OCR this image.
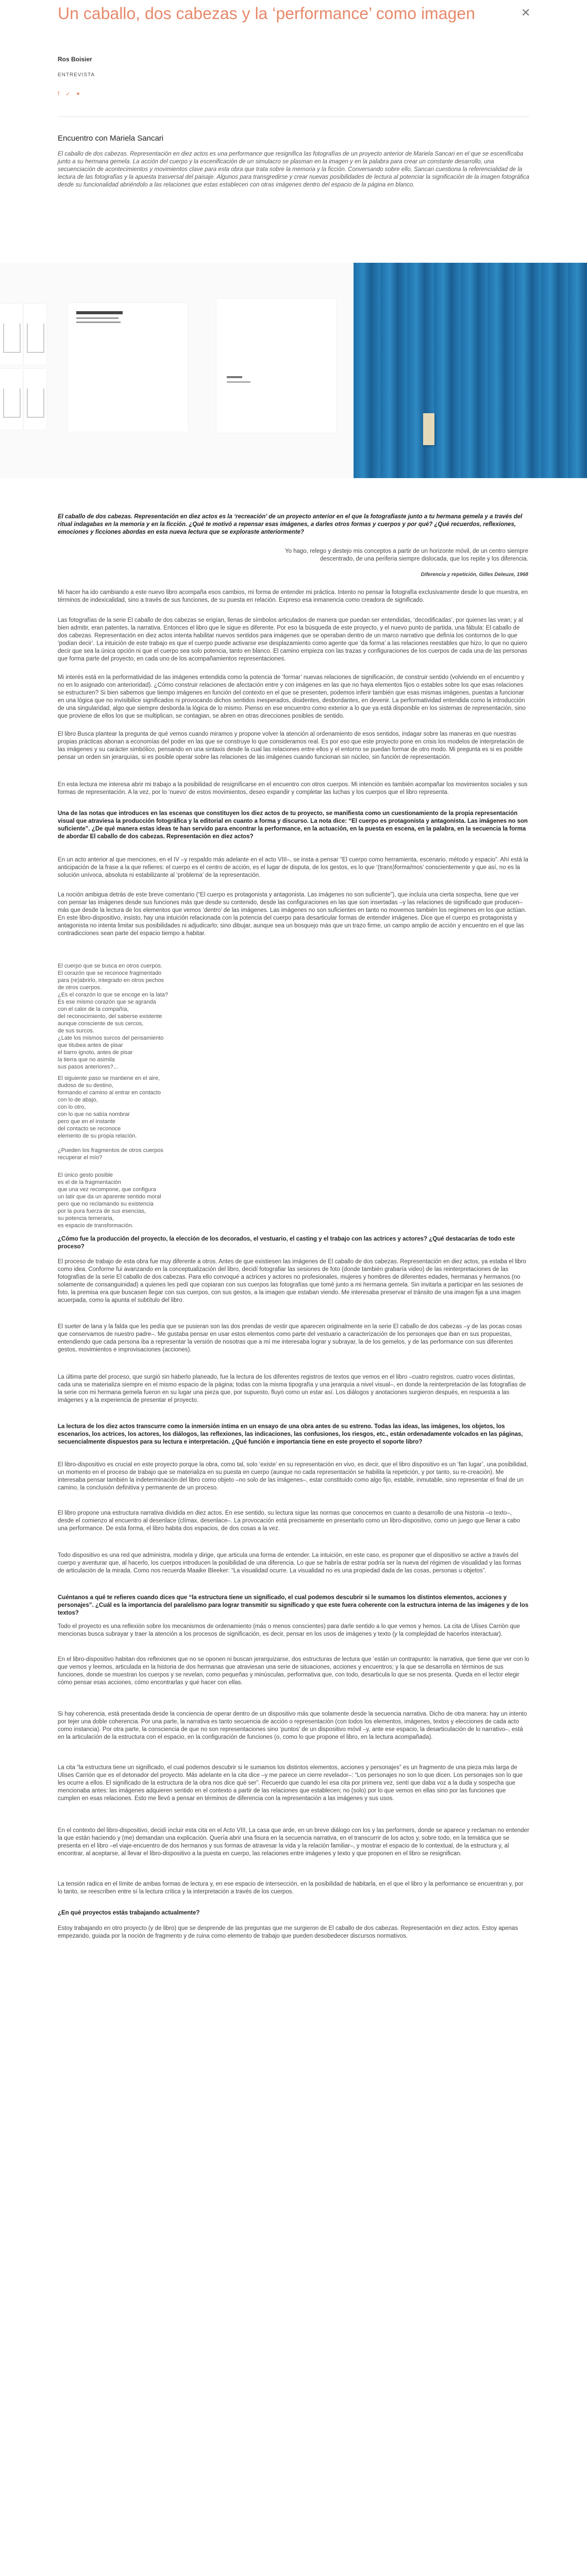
Un caballo, dos cabezas y la ‘performance’ como imagen	✕
Ros Boisier
ENTREVISTA
f ✓ ●
Encuentro con Mariela Sancari

El caballo de dos cabezas. Representación en diez actos es una performance que resignifica las fotografías de un proyecto anterior de Mariela Sancari en el que se escenificaba junto a su hermana gemela. La acción del cuerpo y la escenificación de un simulacro se plasman en la imagen y en la palabra para crear un constante desarrollo, una secuenciación de acontecimientos y movimientos clave para esta obra que trata sobre la memoria y la ficción. Conversando sobre ello, Sancari cuestiona la referencialidad de la lectura de las fotografías y la apuesta trasversal del paisaje. Algunos para transgredirse y crear nuevas posibilidades de lectura al potenciar la significación de la imagen fotográfica desde su funcionalidad abriéndolo a las relaciones que estas establecen con otras imágenes dentro del espacio de la página en blanco.

El caballo de dos cabezas. Representación en diez actos es la ‘recreación’ de un proyecto anterior en el que la fotografiaste junto a tu hermana gemela y a través del ritual indagabas en la memoria y en la ficción. ¿Qué te motivó a repensar esas imágenes, a darles otros formas y cuerpos y por qué? ¿Qué recuerdos, reflexiones, emociones y ficciones abordas en esta nueva lectura que se exploraste anteriormente?

Yo hago, relego y destejo mis conceptos a partir de un horizonte móvil, de un centro siempre descentrado, de una periferia siempre dislocada, que los repite y los diferencia.

Diferencia y repetición, Gilles Deleuze, 1968

Mi hacer ha ido cambiando a este nuevo libro acompaña esos cambios, mi forma de entender mi práctica. Intento no pensar la fotografía exclusivamente desde lo que muestra, en términos de indexicalidad, sino a través de sus funciones, de su puesta en relación. Expreso esa inmanencia como creadora de significado.

Las fotografías de la serie El caballo de dos cabezas se erigían, llenas de símbolos articulados de manera que puedan ser entendidas, ‘decodificadas’, por quienes las vean; y al bien admitir, eran patentes, la narrativa. Entonces el libro que le sigue es diferente. Por eso la búsqueda de este proyecto, y el nuevo punto de partida, una fábula: El caballo de dos cabezas. Representación en diez actos intenta habilitar nuevos sentidos para imágenes que se operaban dentro de un marco narrativo que definía los contornos de lo que ‘podían decir’. La intuición de este trabajo es que el cuerpo puede activarse ese desplazamiento como agente que ‘da forma’ a las relaciones reestables que hizo, lo que no quiero decir que sea la única opción ni que el cuerpo sea solo potencia, tanto en blanco. El camino empieza con las trazas y configuraciones de los cuerpos de cada una de las personas que forma parte del proyecto, en cada uno de los acompañamientos representaciones.

Mi interés está en la performatividad de las imágenes entendida como la potencia de ‘formar’ nuevas relaciones de significación, de construir sentido (volviendo en el encuentro y no en lo asignado con anterioridad). ¿Cómo construir relaciones de afectación entre y con imágenes en las que no haya elementos fijos o estables sobre los que esas relaciones se estructuren? Si bien sabemos que tiempo imágenes en función del contexto en el que se presenten, podemos inferir también que esas mismas imágenes, puestas a funcionar en una lógica que no invisibilice significados ni provocando dichos sentidos inesperados, disidentes, desbordantes, en devenir. La performatividad entendida como la introducción de una singularidad, algo que siempre desborda la lógica de lo mismo. Pienso en ese encuentro como exterior a lo que ya está disponible en los sistemas de representación, sino que proviene de ellos los que se multiplican, se contagian, se abren en otras direcciones posibles de sentido.

El libro Busca plantear la pregunta de qué vemos cuando miramos y propone volver la atención al ordenamiento de esos sentidos, indagar sobre las maneras en que nuestras propias prácticas abonan a economías del poder en las que se construye lo que consideramos real. Es por eso que este proyecto pone en crisis los modelos de interpretación de las imágenes y su carácter simbólico, pensando en una sintaxis desde la cual las relaciones entre ellos y el entorno se puedan formar de otro modo. Mi pregunta es si es posible pensar un orden sin jerarquías, si es posible operar sobre las relaciones de las imágenes cuando funcionan sin núcleo, sin función de representación.

En esta lectura me interesa abrir mi trabajo a la posibilidad de resignificarse en el encuentro con otros cuerpos. Mi intención es también acompañar los movimientos sociales y sus formas de representación. A la vez, por lo ‘nuevo’ de estos movimientos, deseo expandir y completar las luchas y los cuerpos que el libro representa.

Una de las notas que introduces en las escenas que constituyen los diez actos de tu proyecto, se manifiesta como un cuestionamiento de la propia representación visual que atraviesa la producción fotográfica y la editorial en cuanto a forma y discurso. La nota dice: “El cuerpo es protagonista y antagonista. Las imágenes no son suficiente”. ¿De qué manera estas ideas te han servido para encontrar la performance, en la actuación, en la puesta en escena, en la palabra, en la secuencia la forma de abordar El caballo de dos cabezas. Representación en diez actos?

En un acto anterior al que menciones, en el IV –y respaldo más adelante en el acto VIII–, se insta a pensar “El cuerpo como herramienta, escenario, método y espacio”. Ahí está la anticipación de la frase a la que refieres: el cuerpo es el centro de acción, es el lugar de disputa, de los gestos, es lo que ‘(trans)forma/mos’ conscientemente y que así, no es la solución unívoca, absoluta ni estabilizante al ‘problema’ de la representación.

La noción ambigua detrás de este breve comentario (“El cuerpo es protagonista y antagonista. Las imágenes no son suficiente”), que incluía una cierta sospecha, tiene que ver con pensar las imágenes desde sus funciones más que desde su contenido, desde las configuraciones en las que son insertadas –y las relaciones de significado que producen– más que desde la lectura de los elementos que vemos ‘dentro’ de las imágenes. Las imágenes no son suficientes en tanto no movemos también los regímenes en los que actúan. En este libro-dispositivo, insisto, hay una intuición relacionada con la potencia del cuerpo para desarticular formas de entender imágenes. Dice que el cuerpo es protagonista y antagonista no intenta limitar sus posibilidades ni adjudicarlo; sino dibujar, aunque sea un bosquejo más que un trazo firme, un campo amplio de acción y encuentro en el que las contradicciones sean parte del espacio tiempo a habitar.

El cuerpo que se busca en otros cuerpos.
El corazón que se reconoce fragmentado
para (re)abrirlo, integrado en otros pechos
de otros cuerpos.
¿Es el corazón lo que se encoge en la lata?
Es ese mismo corazón que se agranda
con el calor de la compañía,
del reconocimiento, del saberse existente
aunque consciente de sus cercos,
de sus surcos.
¿Late los mismos surcos del pensamiento
que titubea antes de pisar
el barro ignoto, antes de pisar
la tierra que no asimila
sus pasos anteriores?...

El siguiente paso se mantiene en el aire,
dudoso de su destino,
formando el camino al entrar en contacto
con lo de abajo,
con lo otro,
con lo que no sabía nombrar
pero que en el instante
del contacto se reconoce
elemento de su propia relación.

¿Pueden los fragmentos de otros cuerpos
recuperar el mío?

El único gesto posible
es el de la fragmentación
que una vez recompone, que configura
un latir que da un aparente sentido moral
pero que no reclamando su existencia
por la pura fuerza de sus esencias,
su potencia temeraria,
es espacio de transformación.

¿Cómo fue la producción del proyecto, la elección de los decorados, el vestuario, el casting y el trabajo con las actrices y actores? ¿Qué destacarías de todo este proceso?

El proceso de trabajo de esta obra fue muy diferente a otros. Antes de que existiesen las imágenes de El caballo de dos cabezas. Representación en diez actos, ya estaba el libro como idea. Conforme fui avanzando en la conceptualización del libro, decidí fotografiar las sesiones de foto (donde también grabaría video) de las reinterpretaciones de las fotografías de la serie El caballo de dos cabezas. Para ello convoqué a actrices y actores no profesionales, mujeres y hombres de diferentes edades, hermanas y hermanos (no solamente de consanguinidad) a quienes les pedí que copiaran con sus cuerpos las fotografías que tomé junto a mi hermana gemela. Sin invitarla a participar en las sesiones de foto, la premisa era que buscasen llegar con sus cuerpos, con sus gestos, a la imagen que estaban viendo. Me interesaba preservar el tránsito de una imagen fija a una imagen acuerpada, como la apunta el subtítulo del libro.

El sueter de lana y la falda que les pedía que se pusieran son las dos prendas de vestir que aparecen originalmente en la serie El caballo de dos cabezas –y de las pocas cosas que conservamos de nuestro padre–. Me gustaba pensar en usar estos elementos como parte del vestuario a caracterización de los personajes que iban en sus propuestas, entendiendo que cada persona iba a representar la versión de nosotras que a mí me interesaba lograr y subrayar, la de los gemelos, y de las performance con sus diferentes gestos, movimientos e improvisaciones (acciones).

La última parte del proceso, que surgió sin haberlo planeado, fue la lectura de los diferentes registros de textos que vemos en el libro –cuatro registros, cuatro voces distintas, cada una se materializa siempre en el mismo espacio de la página; todas con la misma tipografía y una jerarquía a nivel visual–, en donde la reinterpretación de las fotografías de la serie con mi hermana gemela fueron en su lugar una pieza que, por supuesto, fluyó como un estar así. Los diálogos y anotaciones surgieron después, en respuesta a las imágenes y a la experiencia de presentar el proyecto.

La lectura de los diez actos transcurre como la inmersión íntima en un ensayo de una obra antes de su estreno. Todas las ideas, las imágenes, los objetos, los escenarios, los actrices, los actores, los diálogos, las reflexiones, las indicaciones, las confusiones, los riesgos, etc., están ordenadamente volcados en las páginas, secuencialmente dispuestos para su lectura e interpretación. ¿Qué función e importancia tiene en este proyecto el soporte libro?

El libro-dispositivo es crucial en este proyecto porque la obra, como tal, solo ‘existe’ en su representación en vivo, es decir, que el libro dispositivo es un ‘fan lugar’, una posibilidad, un momento en el proceso de trabajo que se materializa en su puesta en cuerpo (aunque no cada representación se habilita la repetición, y por tanto, su re-creación). Me interesaba pensar también la indeterminación del libro como objeto –no solo de las imágenes–, estar constituido como algo fijo, estable, inmutable, sino representar el final de un camino, la conclusión definitiva y permanente de un proceso.

El libro propone una estructura narrativa dividida en diez actos. En ese sentido, su lectura sigue las normas que conocemos en cuanto a desarrollo de una historia –o texto–, desde el comienzo al encuentro al desenlace (clímax, desenlace–. La provocación está precisamente en presentarlo como un libro-dispositivo, como un juego que llenar a cabo una performance. De esta forma, el libro habita dos espacios, de dos cosas a la vez.

Todo dispositivo es una red que administra, modela y dirige, que articula una forma de entender. La intuición, en este caso, es proponer que el dispositivo se active a través del cuerpo y aventurar que, al hacerlo, los cuerpos introducen la posibilidad de una diferencia. Lo que se habría de estrar podría ser la nueva del régimen de visualidad y las formas de articulación de la mirada. Como nos recuerda Maaike Bleeker: “La visualidad ocurre. La visualidad no es una propiedad dada de las cosas, personas u objetos”.

Cuéntanos a qué te refieres cuando dices que “la estructura tiene un significado, el cual podemos descubrir si le sumamos los distintos elementos, acciones y personajes”. ¿Cuál es la importancia del paralelismo para lograr transmitir su significado y que este fuera coherente con la estructura interna de las imágenes y de los textos?

Todo el proyecto es una reflexión sobre los mecanismos de ordenamiento (más o menos conscientes) para darle sentido a lo que vemos y hemos. La cita de Ulises Carrión que mencionas busca subrayar y traer la atención a los procesos de significación, es decir, pensar en los usos de imágenes y texto (y la complejidad de hacerlos interactuar).

En el libro-dispositivo habitan dos reflexiones que no se oponen ni buscan jerarquizarse, dos estructuras de lectura que ‘están un contrapunto: la narrativa, que tiene que ver con lo que vemos y leemos, articulada en la historia de dos hermanas que atraviesan una serie de situaciones, acciones y encuentros; y la que se desarrolla en términos de sus funciones, donde se muestran los cuerpos y se revelan, como pequeñas y minúsculas, performativa que, con todo, desarticula lo que se nos presenta. Queda en el lector elegir cómo pensar esas acciones, cómo encontrarlas y qué hacer con ellas.

Si hay coherencia, está presentada desde la conciencia de operar dentro de un dispositivo más que solamente desde la secuencia narrativa. Dicho de otra manera: hay un intento por tejer una doble coherencia. Por una parte, la narrativa es tanto secuencia de acción o representación (con todos los elementos, imágenes, textos y elecciones de cada acto como instancia). Por otra parte, la consciencia de que no son representaciones sino ‘puntos’ de un dispositivo móvil –y, ante ese espacio, la desarticulación de lo narrativo–, está en la articulación de la estructura con el espacio, en la configuración de funciones (o, como lo que propone el libro, en la lectura acompañada).

La cita “la estructura tiene un significado, el cual podemos descubrir si le sumamos los distintos elementos, acciones y personajes” es un fragmento de una pieza más larga de Ulises Carrión que es el detonador del proyecto. Más adelante en la cita dice –y me parece un cierre revelador–: “Los personajes no son lo que dicen. Los personajes son lo que les ocurre a ellos. El significado de la estructura de la obra nos dice qué ser”. Recuerdo que cuando leí esa cita por primera vez, sentí que daba voz a la duda y sospecha que mencionaba antes: las imágenes adquieren sentido en el contexto a partir de las relaciones que establecen; no (solo) por lo que vemos en ellas sino por las funciones que cumplen en esas relaciones. Esto me llevó a pensar en términos de diferencia con la representación a las imágenes y sus usos.

En el contexto del libro-dispositivo, decidí incluir esta cita en el Acto VIII, La casa que arde, en un breve diálogo con los y las performers, donde se aparece y reclaman no entender la que están haciendo y (me) demandan una explicación. Quería abrir una fisura en la secuencia narrativa, en el transcurrir de los actos y, sobre todo, en la temática que se presenta en el libro –el viaje-encuentro de dos hermanos y sus formas de atravesar la vida y la relación familiar–, y mostrar el espacio de lo contextual, de la estructura y, al encontrar, al aceptarse, al llevar el libro-dispositivo a la puesta en cuerpo, las relaciones entre imágenes y texto y que proponen en el libro se resignifican.

La tensión radica en el límite de ambas formas de lectura y, en ese espacio de intersección, en la posibilidad de habitarla, en el que el libro y la performance se encuentran y, por lo tanto, se reescriben entre sí la lectura crítica y la interpretación a través de los cuerpos.

¿En qué proyectos estás trabajando actualmente?

Estoy trabajando en otro proyecto (y de libro) que se desprende de las preguntas que me surgieron de El caballo de dos cabezas. Representación en diez actos. Estoy apenas empezando, guiada por la noción de fragmento y de ruina como elemento de trabajo que pueden desobedecer discursos normativos.
